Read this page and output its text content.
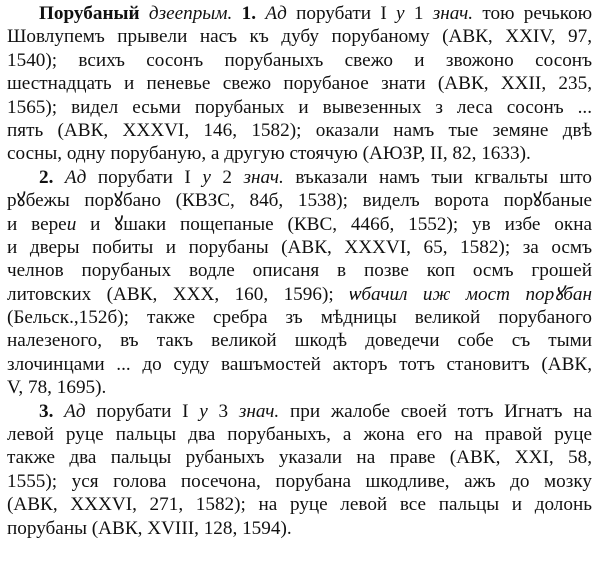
Порубаный дзеeпрым. 1. Ад порубати I у 1 знач. тою речькою
Шовлупемъ прывели насъ къ дубу порубаному (АВК, XXIV, 97,
1540); всихъ сосонъ порубаныхъ свежо и звожоно сосонъ
шестнадцать и пеневье свежо порубаное знати (АВК, XXII, 235,
1565); видел есьми порубаных и вывезенных з леса сосонъ ...
пять (АВК, XXXVI, 146, 1582); оказали намъ тые земяне двѣ
сосны, одну порубаную, а другую стоячую (АЮЗР, II, 82, 1633).
2. Ад порубати I у 2 знач. въказали намъ тыи кгвальты што
рꙋбежы порꙋбано (КВЗС, 84б, 1538); виделъ ворота порꙋбаные
и вереи и ꙋшаки пощепаные (КВС, 446б, 1552); ув избе окна
и дверы побиты и порубаны (АВК, XXXVI, 65, 1582); за осмъ
челнов порубаных водле описаня в позве коп осмъ грошей
литовских (АВК, XXX, 160, 1596); ѡбачил иж мост порꙋбан
(Бельск.,152б); также сребра зъ мѣдницы великой порубаного
налезеного, въ такъ великой шкодѣ доведечи собе съ тыми
злочинцами ... до суду вашъмостей акторъ тотъ становитъ (АВК,
V, 78, 1695).
3. Ад порубати I у 3 знач. при жалобе своей тотъ Игнатъ на
левой руце пальцы два порубаныхъ, а жона его на правой руце
также два пальцы рубаныхъ указали на праве (АВК, XXI, 58,
1555); уся голова посечона, порубана шкодливе, ажъ до мозку
(АВК, XXXVI, 271, 1582); на руце левой все пальцы и долонь
порубаны (АВК, XVIII, 128, 1594).
